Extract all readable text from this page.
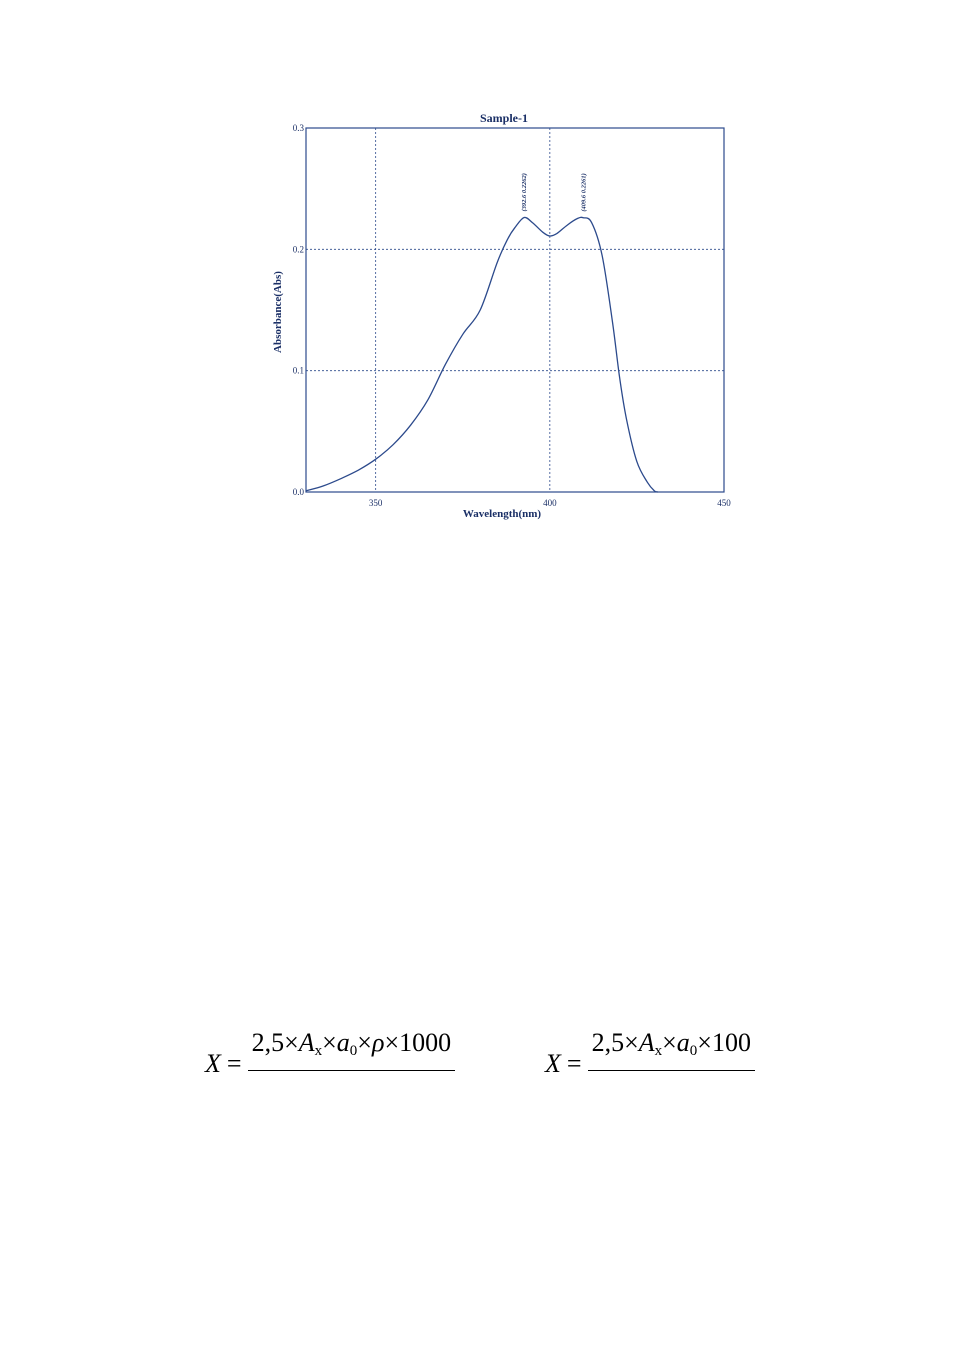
Sample-1
350	400	450
0.0
0.1
0.2
0.3
(392.6 0.2262)	(409.6 0.2261)
Wavelength(nm)
Absorbance(Abs)
X =
$2,5\times A_x\times a_0\times\rho\times 1000$
X =
$2,5\times A_x\times a_0\times 100$
